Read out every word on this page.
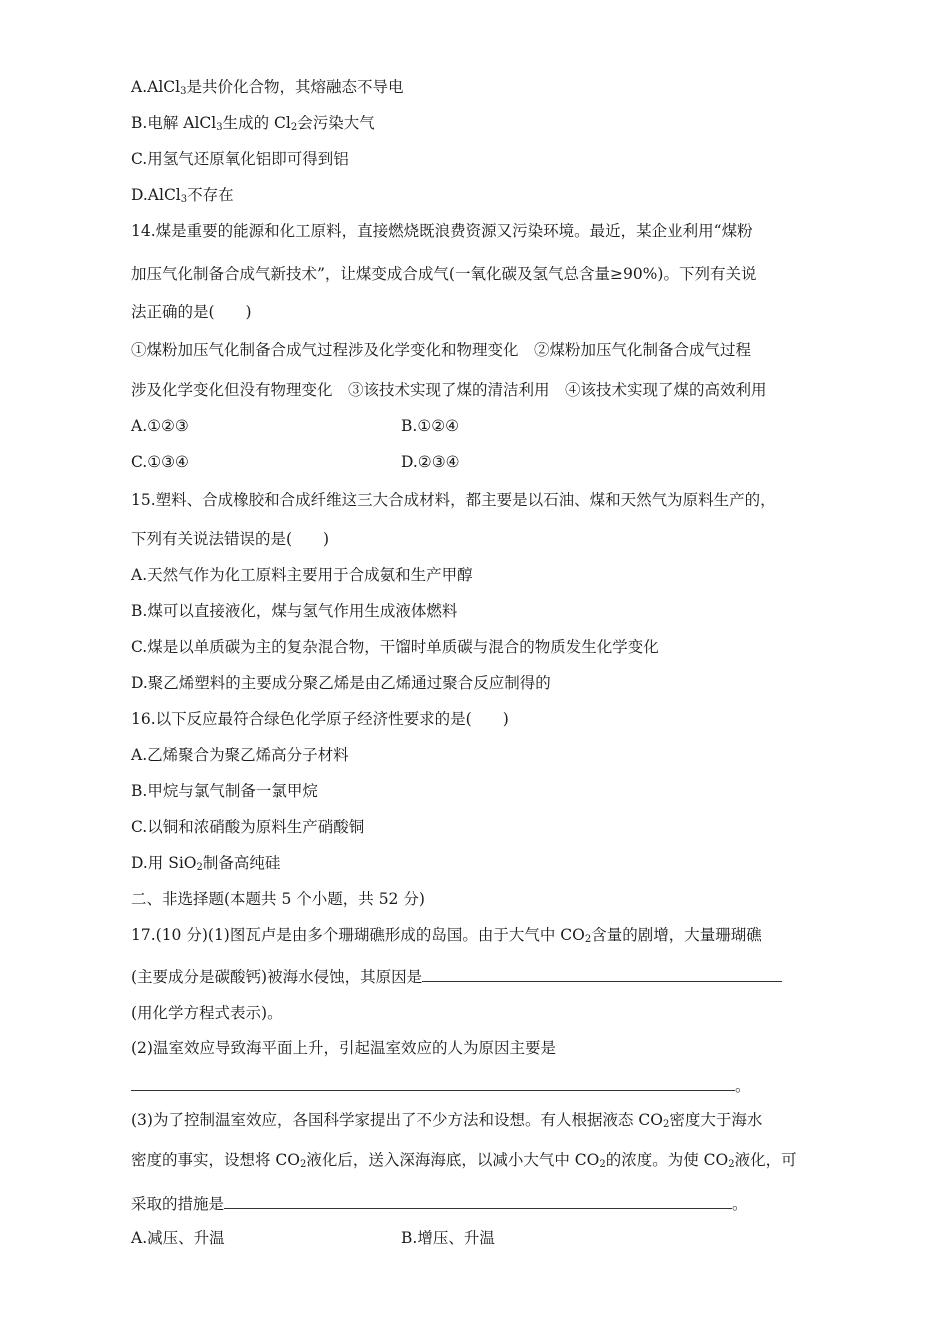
A.AlCl$_3$是共价化合物，其熔融态不导电
B.电解 AlCl$_3$生成的 $Cl_2$会污染大气
C.用氢气还原氧化铝即可得到铝
D.AlCl$_3$不存在
14.煤是重要的能源和化工原料，直接燃烧既浪费资源又污染环境。最近，某企业利用“煤粉
加压气化制备合成气新技术”，让煤变成合成气(一氧化碳及氢气总含量≥90%)。下列有关说
法正确的是(　　)
①煤粉加压气化制备合成气过程涉及化学变化和物理变化　②煤粉加压气化制备合成气过程
涉及化学变化但没有物理变化　③该技术实现了煤的清洁利用　④该技术实现了煤的高效利用
A.①②③	B.①②④
C.①③④	D.②③④
15.塑料、合成橡胶和合成纤维这三大合成材料，都主要是以石油、煤和天然气为原料生产的，
下列有关说法错误的是(　　)
A.天然气作为化工原料主要用于合成氨和生产甲醇
B.煤可以直接液化，煤与氢气作用生成液体燃料
C.煤是以单质碳为主的复杂混合物，干馏时单质碳与混合的物质发生化学变化
D.聚乙烯塑料的主要成分聚乙烯是由乙烯通过聚合反应制得的
16.以下反应最符合绿色化学原子经济性要求的是(　　)
A.乙烯聚合为聚乙烯高分子材料
B.甲烷与氯气制备一氯甲烷
C.以铜和浓硝酸为原料生产硝酸铜
D.用 SiO$_2$制备高纯硅
二、非选择题(本题共 5 个小题，共 52 分)
17.(10 分)(1)图瓦卢是由多个珊瑚礁形成的岛国。由于大气中 $CO_2$含量的剧增，大量珊瑚礁
(主要成分是碳酸钙)被海水侵蚀，其原因是
(用化学方程式表示)。
(2)温室效应导致海平面上升，引起温室效应的人为原因主要是
。
(3)为了控制温室效应，各国科学家提出了不少方法和设想。有人根据液态 $CO_2$密度大于海水
密度的事实，设想将 $CO_2$液化后，送入深海海底，以减小大气中 $CO_2$的浓度。为使 $CO_2$液化，可
采取的措施是	。
A.减压、升温	B.增压、升温
